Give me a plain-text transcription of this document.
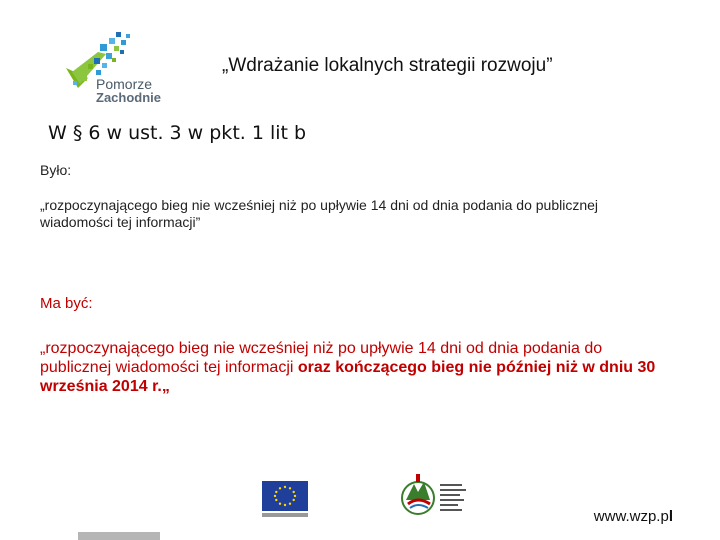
Pomorze
Zachodnie
„Wdrażanie lokalnych strategii rozwoju”
W § 6 w ust. 3 w pkt. 1 lit b
Było:
„rozpoczynającego bieg nie wcześniej niż po upływie 14 dni od dnia podania do publicznej wiadomości tej informacji”
Ma być:
„rozpoczynającego bieg nie wcześniej niż po upływie 14 dni od dnia podania do publicznej wiadomości tej informacji oraz kończącego bieg nie później niż w dniu 30 września 2014 r.„
www.wzp.pl
